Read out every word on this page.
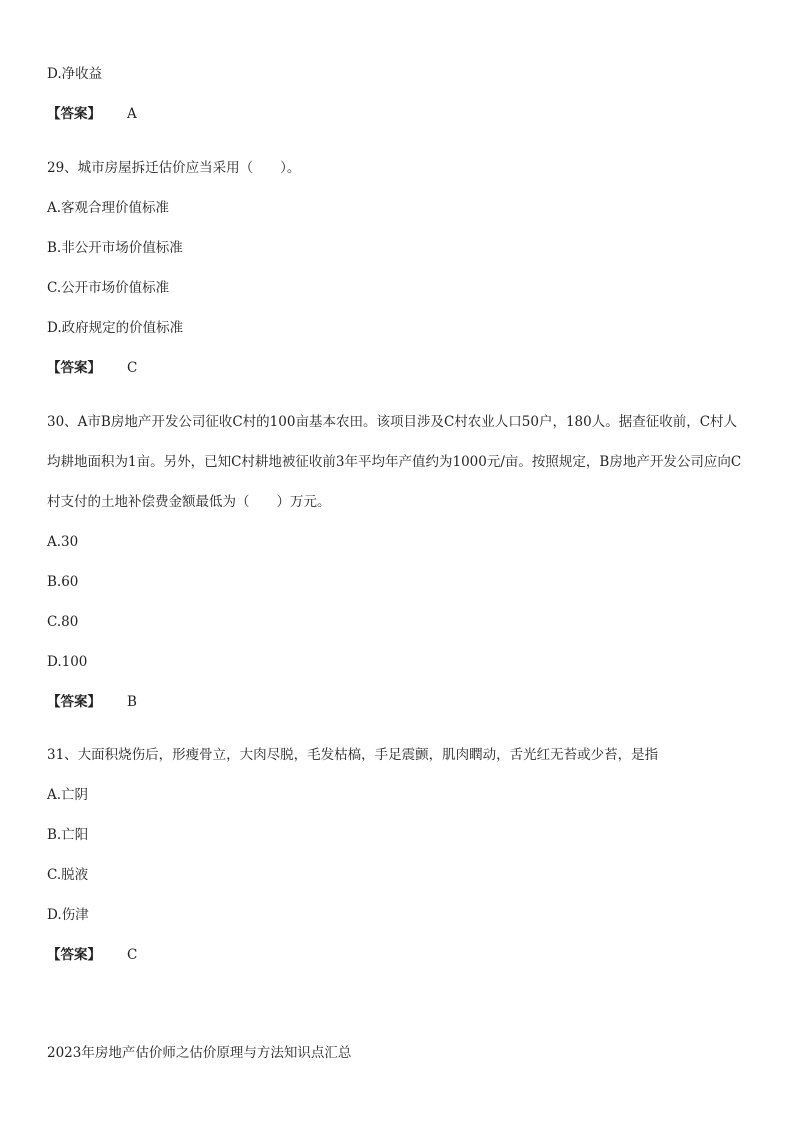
D.净收益
【答案】 A
29、城市房屋拆迁估价应当采用（　　）。
A.客观合理价值标准
B.非公开市场价值标准
C.公开市场价值标准
D.政府规定的价值标准
【答案】 C
30、A市B房地产开发公司征收C村的100亩基本农田。该项目涉及C村农业人口50户，180人。据查征收前，C村人均耕地面积为1亩。另外，已知C村耕地被征收前3年平均年产值约为1000元/亩。按照规定，B房地产开发公司应向C村支付的土地补偿费金额最低为（　　）万元。
A.30
B.60
C.80
D.100
【答案】 B
31、大面积烧伤后，形瘦骨立，大肉尽脱，毛发枯槁，手足震颤，肌肉瞤动，舌光红无苔或少苔，是指
A.亡阴
B.亡阳
C.脱液
D.伤津
【答案】 C
2023年房地产估价师之估价原理与方法知识点汇总
